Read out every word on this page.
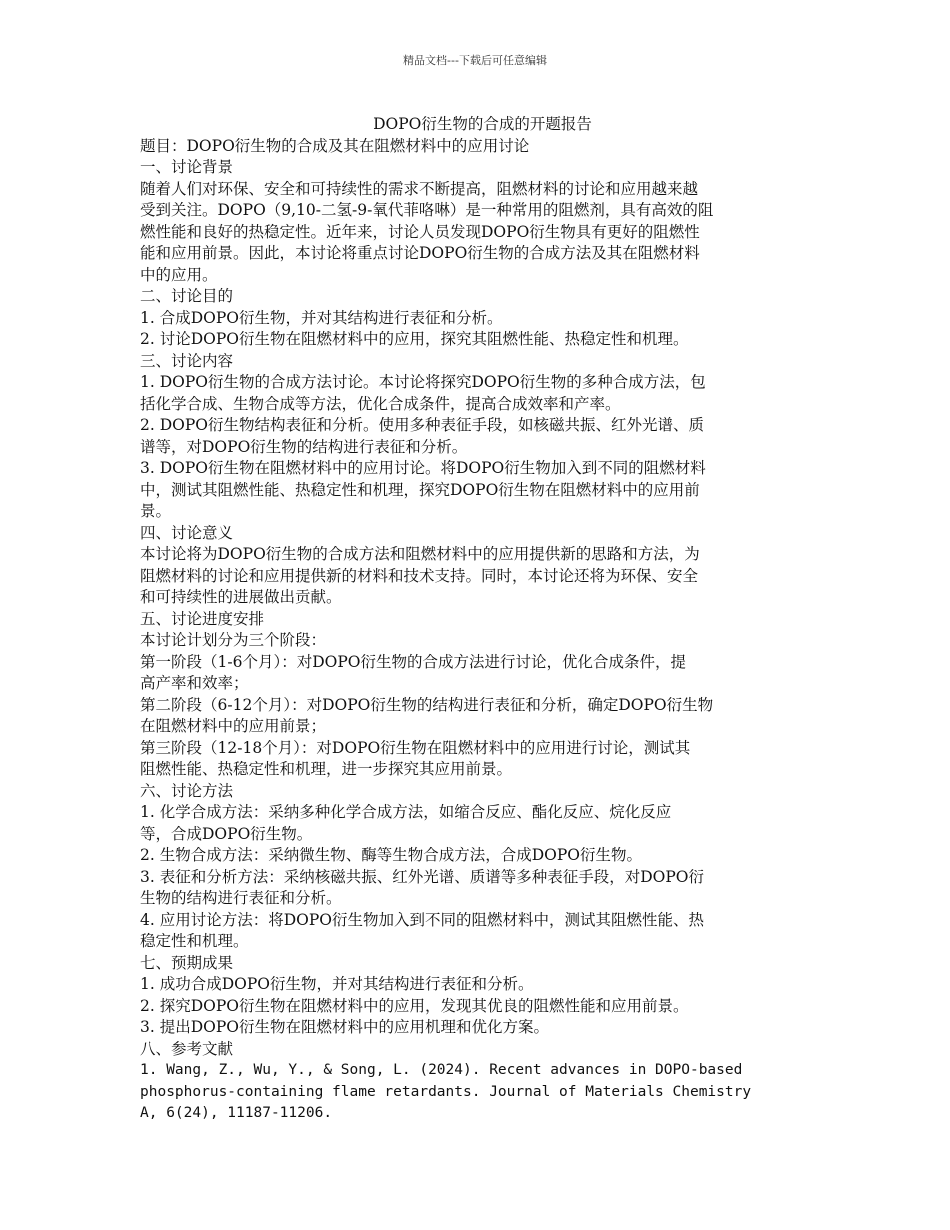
精品文档---下载后可任意编辑

DOPO衍生物的合成的开题报告

题目：DOPO衍生物的合成及其在阻燃材料中的应用讨论

一、讨论背景

随着人们对环保、安全和可持续性的需求不断提高，阻燃材料的讨论和应用越来越

受到关注。DOPO（9,10-二氢-9-氧代菲咯啉）是一种常用的阻燃剂，具有高效的阻

燃性能和良好的热稳定性。近年来，讨论人员发现DOPO衍生物具有更好的阻燃性

能和应用前景。因此，本讨论将重点讨论DOPO衍生物的合成方法及其在阻燃材料

中的应用。

二、讨论目的

1. 合成DOPO衍生物，并对其结构进行表征和分析。

2. 讨论DOPO衍生物在阻燃材料中的应用，探究其阻燃性能、热稳定性和机理。

三、讨论内容

1. DOPO衍生物的合成方法讨论。本讨论将探究DOPO衍生物的多种合成方法，包

括化学合成、生物合成等方法，优化合成条件，提高合成效率和产率。

2. DOPO衍生物结构表征和分析。使用多种表征手段，如核磁共振、红外光谱、质

谱等，对DOPO衍生物的结构进行表征和分析。

3. DOPO衍生物在阻燃材料中的应用讨论。将DOPO衍生物加入到不同的阻燃材料

中，测试其阻燃性能、热稳定性和机理，探究DOPO衍生物在阻燃材料中的应用前

景。

四、讨论意义

本讨论将为DOPO衍生物的合成方法和阻燃材料中的应用提供新的思路和方法，为

阻燃材料的讨论和应用提供新的材料和技术支持。同时，本讨论还将为环保、安全

和可持续性的进展做出贡献。

五、讨论进度安排

本讨论计划分为三个阶段：

第一阶段（1-6个月）：对DOPO衍生物的合成方法进行讨论，优化合成条件，提

高产率和效率；

第二阶段（6-12个月）：对DOPO衍生物的结构进行表征和分析，确定DOPO衍生物

在阻燃材料中的应用前景；

第三阶段（12-18个月）：对DOPO衍生物在阻燃材料中的应用进行讨论，测试其

阻燃性能、热稳定性和机理，进一步探究其应用前景。

六、讨论方法

1. 化学合成方法：采纳多种化学合成方法，如缩合反应、酯化反应、烷化反应

等，合成DOPO衍生物。

2. 生物合成方法：采纳微生物、酶等生物合成方法，合成DOPO衍生物。

3. 表征和分析方法：采纳核磁共振、红外光谱、质谱等多种表征手段，对DOPO衍

生物的结构进行表征和分析。

4. 应用讨论方法：将DOPO衍生物加入到不同的阻燃材料中，测试其阻燃性能、热

稳定性和机理。

七、预期成果

1. 成功合成DOPO衍生物，并对其结构进行表征和分析。

2. 探究DOPO衍生物在阻燃材料中的应用，发现其优良的阻燃性能和应用前景。

3. 提出DOPO衍生物在阻燃材料中的应用机理和优化方案。

八、参考文献

1. Wang, Z., Wu, Y., & Song, L. (2024). Recent advances in DOPO-based

phosphorus-containing flame retardants. Journal of Materials Chemistry

A, 6(24), 11187-11206.
